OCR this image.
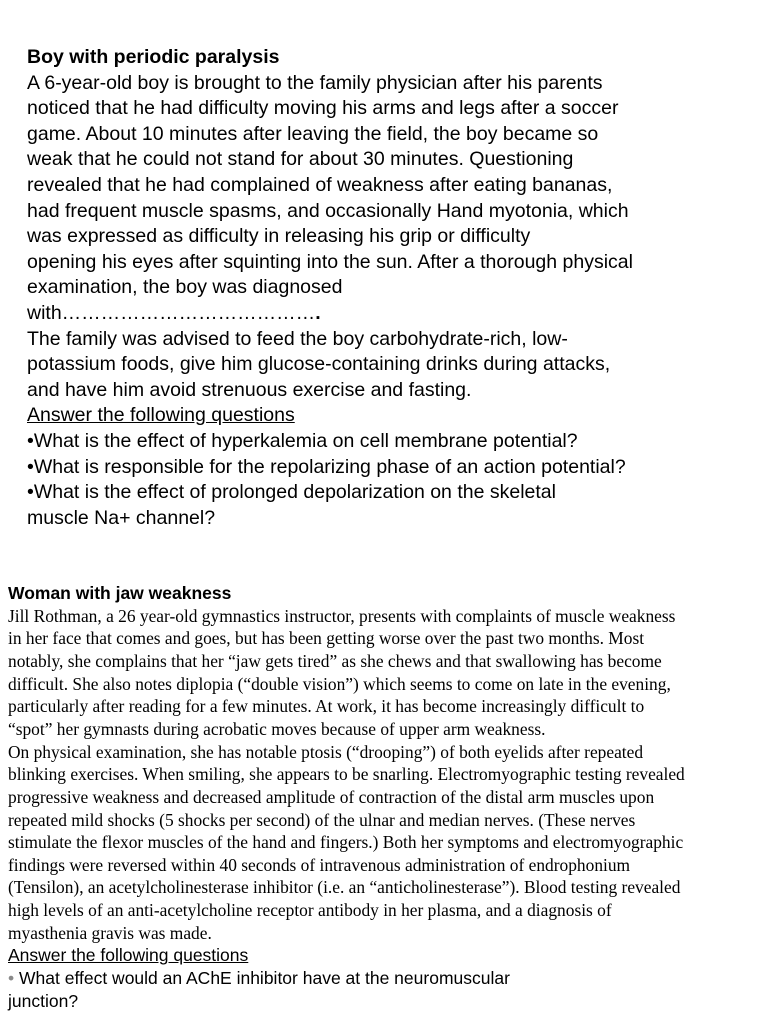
Boy with periodic paralysis
A 6-year-old boy is brought to the family physician after his parents
noticed that he had difficulty moving his arms and legs after a soccer
game. About 10 minutes after leaving the field, the boy became so
weak that he could not stand for about 30 minutes. Questioning
revealed that he had complained of weakness after eating bananas,
had frequent muscle spasms, and occasionally Hand myotonia, which
was expressed as difficulty in releasing his grip or difficulty
opening his eyes after squinting into the sun. After a thorough physical
examination, the boy was diagnosed
with………………………………….
The family was advised to feed the boy carbohydrate-rich, low-
potassium foods, give him glucose-containing drinks during attacks,
and have him avoid strenuous exercise and fasting.
Answer the following questions
•What is the effect of hyperkalemia on cell membrane potential?
•What is responsible for the repolarizing phase of an action potential?
•What is the effect of prolonged depolarization on the skeletal
muscle Na+ channel?
Woman with jaw weakness
Jill Rothman, a 26 year-old gymnastics instructor, presents with complaints of muscle weakness
in her face that comes and goes, but has been getting worse over the past two months. Most
notably, she complains that her “jaw gets tired” as she chews and that swallowing has become
difficult. She also notes diplopia (“double vision”) which seems to come on late in the evening,
particularly after reading for a few minutes. At work, it has become increasingly difficult to
“spot” her gymnasts during acrobatic moves because of upper arm weakness.
On physical examination, she has notable ptosis (“drooping”) of both eyelids after repeated
blinking exercises. When smiling, she appears to be snarling. Electromyographic testing revealed
progressive weakness and decreased amplitude of contraction of the distal arm muscles upon
repeated mild shocks (5 shocks per second) of the ulnar and median nerves. (These nerves
stimulate the flexor muscles of the hand and fingers.) Both her symptoms and electromyographic
findings were reversed within 40 seconds of intravenous administration of endrophonium
(Tensilon), an acetylcholinesterase inhibitor (i.e. an “anticholinesterase”). Blood testing revealed
high levels of an anti-acetylcholine receptor antibody in her plasma, and a diagnosis of
myasthenia gravis was made.
Answer the following questions
• What effect would an AChE inhibitor have at the neuromuscular
junction?
